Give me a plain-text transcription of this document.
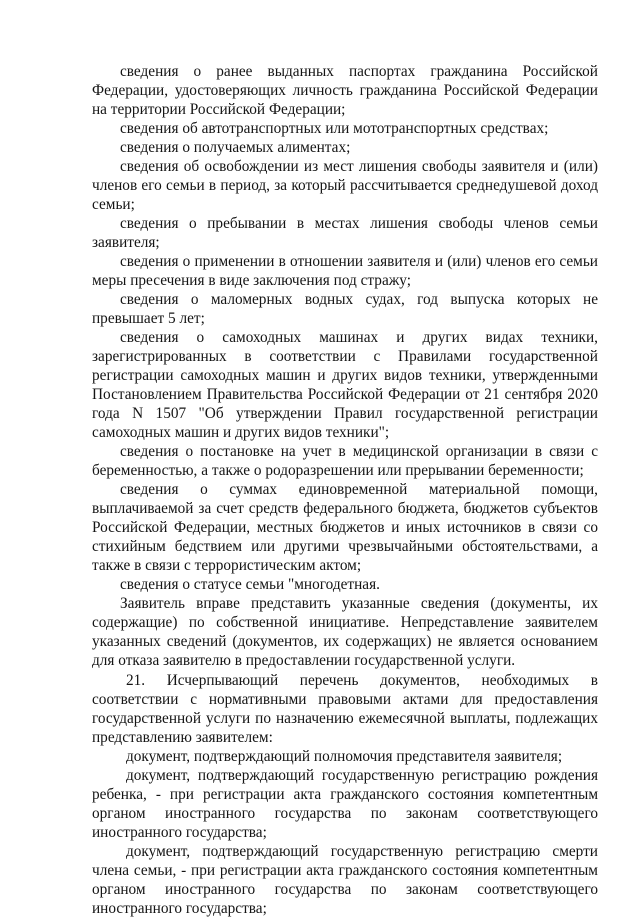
сведения о ранее выданных паспортах гражданина Российской Федерации, удостоверяющих личность гражданина Российской Федерации на территории Российской Федерации;

сведения об автотранспортных или мототранспортных средствах;

сведения о получаемых алиментах;

сведения об освобождении из мест лишения свободы заявителя и (или) членов его семьи в период, за который рассчитывается среднедушевой доход семьи;

сведения о пребывании в местах лишения свободы членов семьи заявителя;

сведения о применении в отношении заявителя и (или) членов его семьи меры пресечения в виде заключения под стражу;

сведения о маломерных водных судах, год выпуска которых не превышает 5 лет;

сведения о самоходных машинах и других видах техники, зарегистрированных в соответствии с Правилами государственной регистрации самоходных машин и других видов техники, утвержденными Постановлением Правительства Российской Федерации от 21 сентября 2020 года N 1507 "Об утверждении Правил государственной регистрации самоходных машин и других видов техники";

сведения о постановке на учет в медицинской организации в связи с беременностью, а также о родоразрешении или прерывании беременности;

сведения о суммах единовременной материальной помощи, выплачиваемой за счет средств федерального бюджета, бюджетов субъектов Российской Федерации, местных бюджетов и иных источников в связи со стихийным бедствием или другими чрезвычайными обстоятельствами, а также в связи с террористическим актом;

сведения о статусе семьи "многодетная.

Заявитель вправе представить указанные сведения (документы, их содержащие) по собственной инициативе. Непредставление заявителем указанных сведений (документов, их содержащих) не является основанием для отказа заявителю в предоставлении государственной услуги.

21. Исчерпывающий перечень документов, необходимых в соответствии с нормативными правовыми актами для предоставления государственной услуги по назначению ежемесячной выплаты, подлежащих представлению заявителем:

документ, подтверждающий полномочия представителя заявителя;

документ, подтверждающий государственную регистрацию рождения ребенка, - при регистрации акта гражданского состояния компетентным органом иностранного государства по законам соответствующего иностранного государства;

документ, подтверждающий государственную регистрацию смерти члена семьи, - при регистрации акта гражданского состояния компетентным органом иностранного государства по законам соответствующего иностранного государства;
